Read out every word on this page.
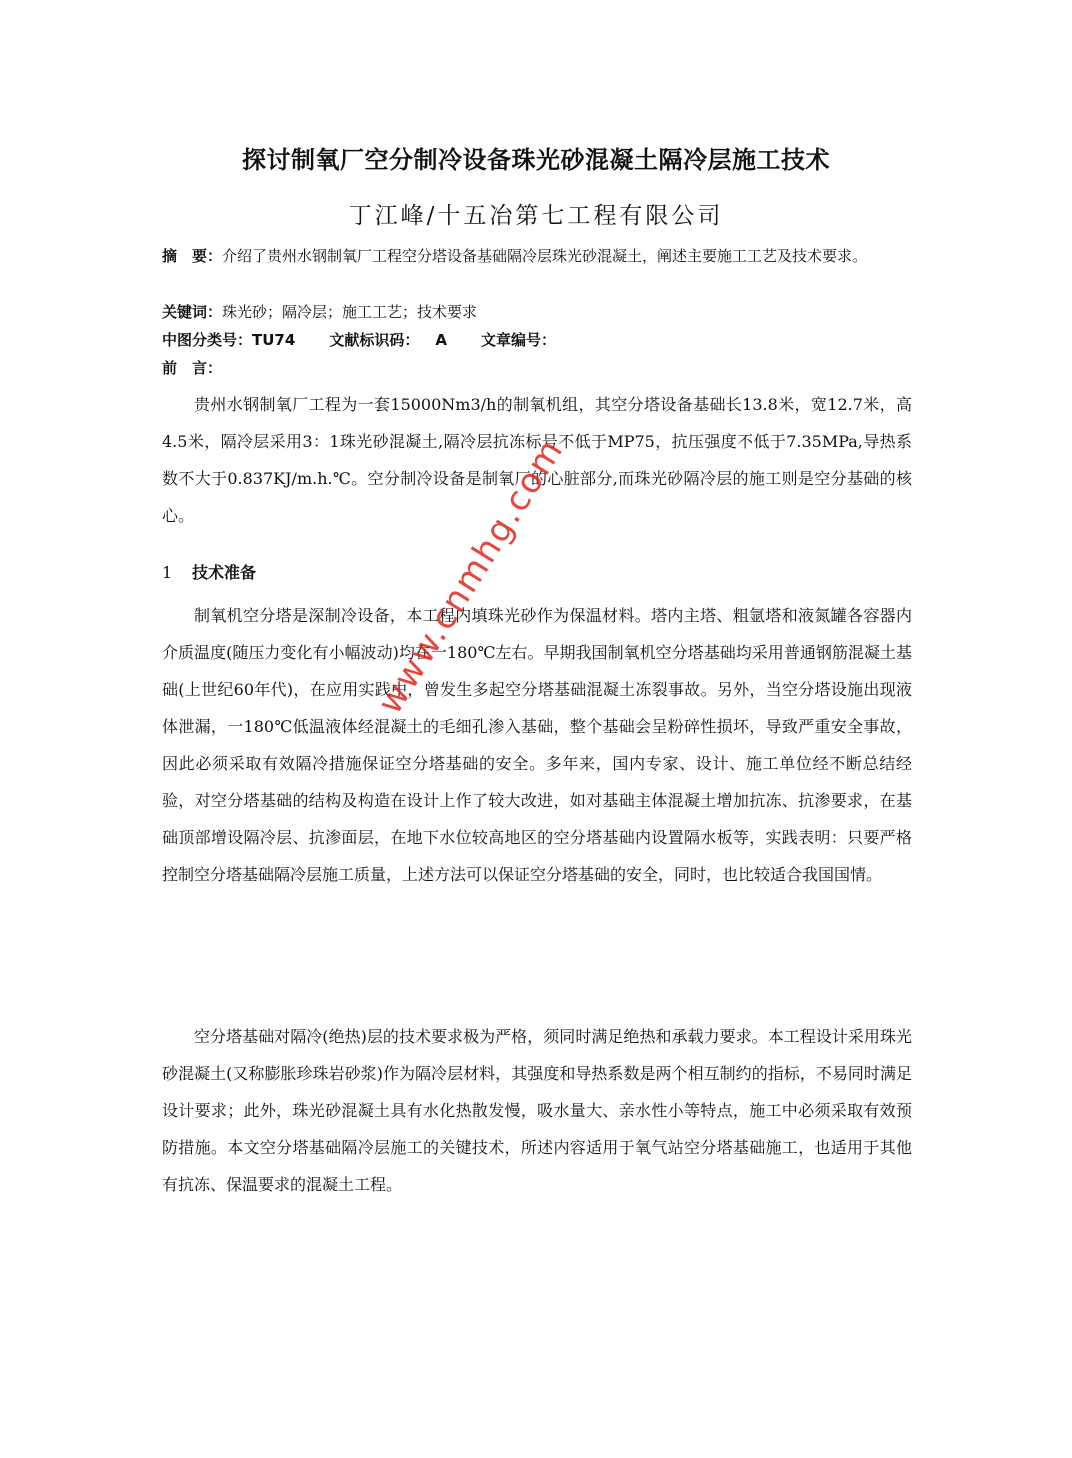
探讨制氧厂空分制冷设备珠光砂混凝土隔冷层施工技术

丁江峰/十五冶第七工程有限公司

摘　要： 介绍了贵州水钢制氧厂工程空分塔设备基础隔冷层珠光砂混凝土，阐述主要施工工艺及技术要求。
关键词：珠光砂；隔冷层；施工工艺；技术要求
中图分类号：TU74 文献标识码： A 文章编号：
前　言：

贵州水钢制氧厂工程为一套15000Nm3/h的制氧机组，其空分塔设备基础长13.8米，宽12.7米，高4.5米，隔冷层采用3：1珠光砂混凝土,隔冷层抗冻标号不低于MP75，抗压强度不低于7.35MPa,导热系数不大于0.837KJ/m.h.℃。空分制冷设备是制氧厂的心脏部分,而珠光砂隔冷层的施工则是空分基础的核心。

1 技术准备

制氧机空分塔是深制冷设备，本工程内填珠光砂作为保温材料。塔内主塔、粗氩塔和液氮罐各容器内介质温度(随压力变化有小幅波动)均在一180℃左右。早期我国制氧机空分塔基础均采用普通钢筋混凝土基础(上世纪60年代)，在应用实践中，曾发生多起空分塔基础混凝土冻裂事故。另外，当空分塔设施出现液体泄漏，一180℃低温液体经混凝土的毛细孔渗入基础，整个基础会呈粉碎性损坏，导致严重安全事故，因此必须采取有效隔冷措施保证空分塔基础的安全。多年来，国内专家、设计、施工单位经不断总结经验，对空分塔基础的结构及构造在设计上作了较大改进，如对基础主体混凝土增加抗冻、抗渗要求，在基础顶部增设隔冷层、抗渗面层，在地下水位较高地区的空分塔基础内设置隔水板等，实践表明：只要严格控制空分塔基础隔冷层施工质量，上述方法可以保证空分塔基础的安全，同时，也比较适合我国国情。

空分塔基础对隔冷(绝热)层的技术要求极为严格，须同时满足绝热和承载力要求。本工程设计采用珠光砂混凝土(又称膨胀珍珠岩砂浆)作为隔冷层材料，其强度和导热系数是两个相互制约的指标，不易同时满足设计要求；此外，珠光砂混凝土具有水化热散发慢，吸水量大、亲水性小等特点，施工中必须采取有效预防措施。本文空分塔基础隔冷层施工的关键技术，所述内容适用于氧气站空分塔基础施工，也适用于其他有抗冻、保温要求的混凝土工程。

www.cnmhg.com
